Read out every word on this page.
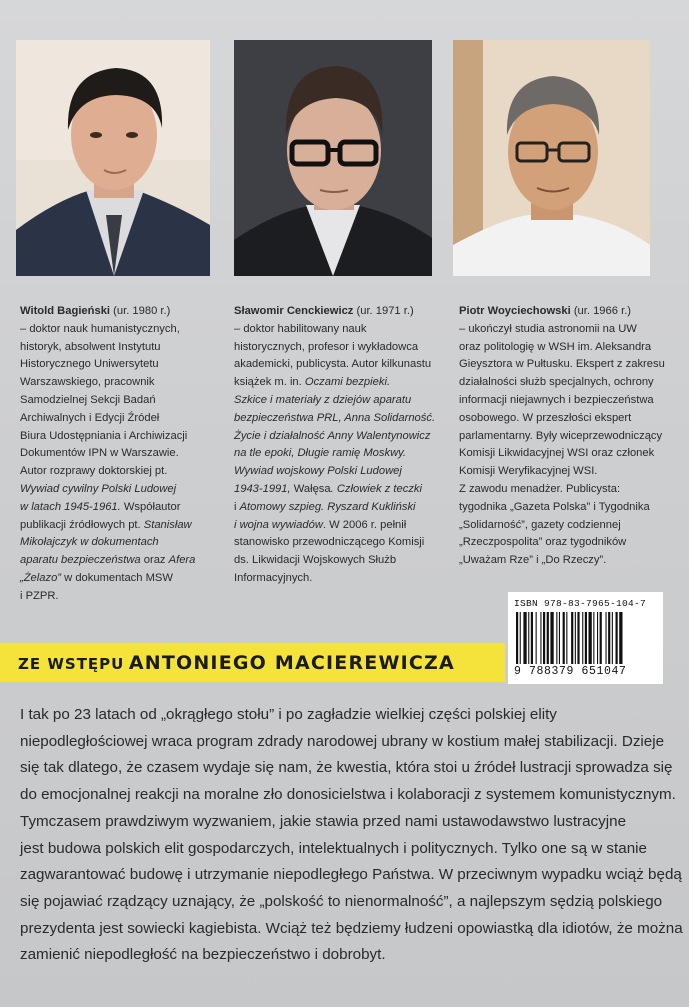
Witold Bagieński (ur. 1980 r.)
– doktor nauk humanistycznych,
historyk, absolwent Instytutu
Historycznego Uniwersytetu
Warszawskiego, pracownik
Samodzielnej Sekcji Badań
Archiwalnych i Edycji Źródeł
Biura Udostępniania i Archiwizacji
Dokumentów IPN w Warszawie.
Autor rozprawy doktorskiej pt.
Wywiad cywilny Polski Ludowej
w latach 1945-1961. Współautor
publikacji źródłowych pt. Stanisław
Mikołajczyk w dokumentach
aparatu bezpieczeństwa oraz Afera
„Żelazo” w dokumentach MSW
i PZPR.
Sławomir Cenckiewicz (ur. 1971 r.)
– doktor habilitowany nauk
historycznych, profesor i wykładowca
akademicki, publicysta. Autor kilkunastu
książek m. in. Oczami bezpieki.
Szkice i materiały z dziejów aparatu
bezpieczeństwa PRL, Anna Solidarność.
Życie i działalność Anny Walentynowicz
na tle epoki, Długie ramię Moskwy.
Wywiad wojskowy Polski Ludowej
1943-1991, Wałęsa. Człowiek z teczki
i Atomowy szpieg. Ryszard Kukliński
i wojna wywiadów. W 2006 r. pełnił
stanowisko przewodniczącego Komisji
ds. Likwidacji Wojskowych Służb
Informacyjnych.
Piotr Woyciechowski (ur. 1966 r.)
– ukończył studia astronomii na UW
oraz politologię w WSH im. Aleksandra
Gieysztora w Pułtusku. Ekspert z zakresu
działalności służb specjalnych, ochrony
informacji niejawnych i bezpieczeństwa
osobowego. W przeszłości ekspert
parlamentarny. Były wiceprzewodniczący
Komisji Likwidacyjnej WSI oraz członek
Komisji Weryfikacyjnej WSI.
Z zawodu menadżer. Publicysta:
tygodnika „Gazeta Polska” i Tygodnika
„Solidarność”, gazety codziennej
„Rzeczpospolita” oraz tygodników
„Uważam Rze” i „Do Rzeczy”.
ISBN 978-83-7965-104-7
9 788379 651047
ZE WSTĘPU ANTONIEGO MACIEREWICZA
I tak po 23 latach od „okrągłego stołu” i po zagładzie wielkiej części polskiej elity
niepodległościowej wraca program zdrady narodowej ubrany w kostium małej stabilizacji. Dzieje
się tak dlatego, że czasem wydaje się nam, że kwestia, która stoi u źródeł lustracji sprowadza się
do emocjonalnej reakcji na moralne zło donosicielstwa i kolaboracji z systemem komunistycznym.
Tymczasem prawdziwym wyzwaniem, jakie stawia przed nami ustawodawstwo lustracyjne
jest budowa polskich elit gospodarczych, intelektualnych i politycznych. Tylko one są w stanie
zagwarantować budowę i utrzymanie niepodległego Państwa. W przeciwnym wypadku wciąż będą
się pojawiać rządzący uznający, że „polskość to nienormalność”, a najlepszym sędzią polskiego
prezydenta jest sowiecki kagiebista. Wciąż też będziemy łudzeni opowiastką dla idiotów, że można
zamienić niepodległość na bezpieczeństwo i dobrobyt.
